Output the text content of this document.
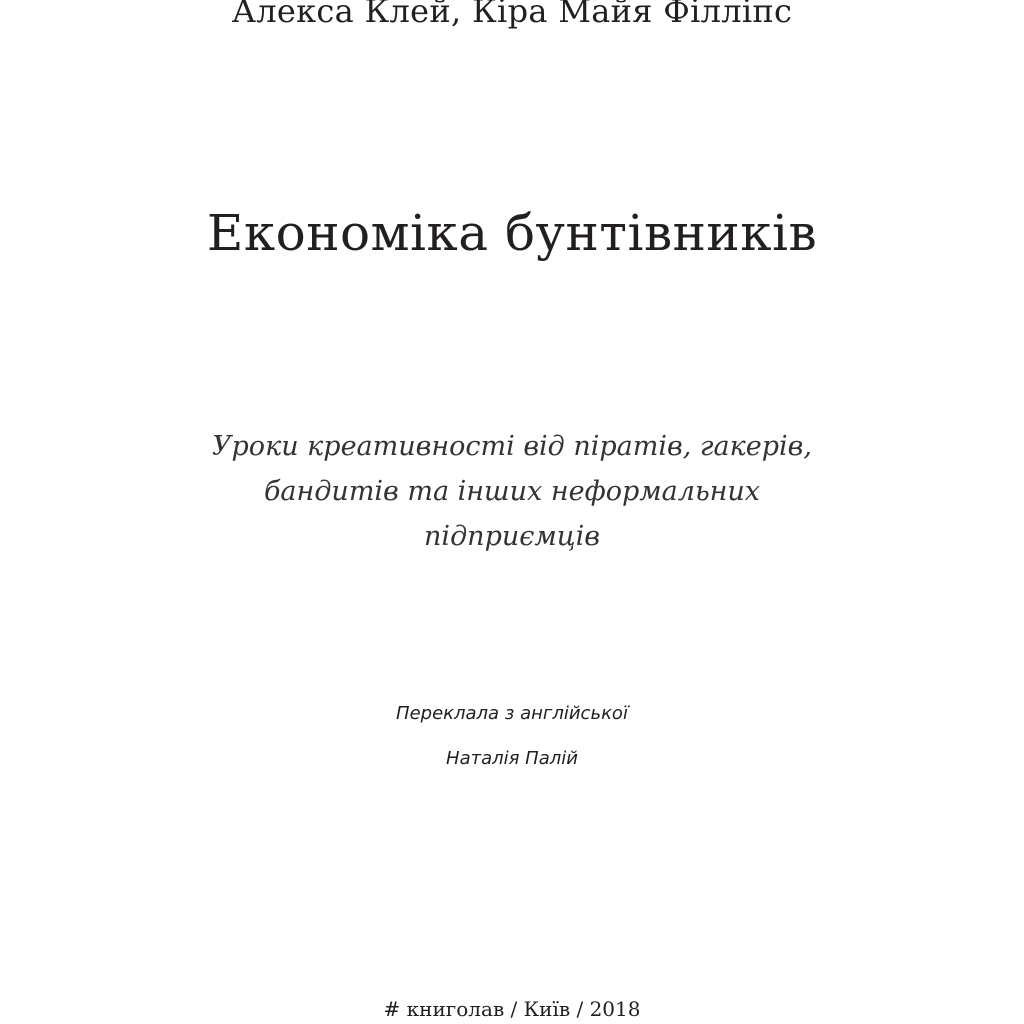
Алекса Клей, Кіра Майя Філліпс
Економіка бунтівників
Уроки креативності від піратів, гакерів,
бандитів та інших неформальних
підприємців
Переклала з англійської
Наталія Палій
# книголав / Київ / 2018
